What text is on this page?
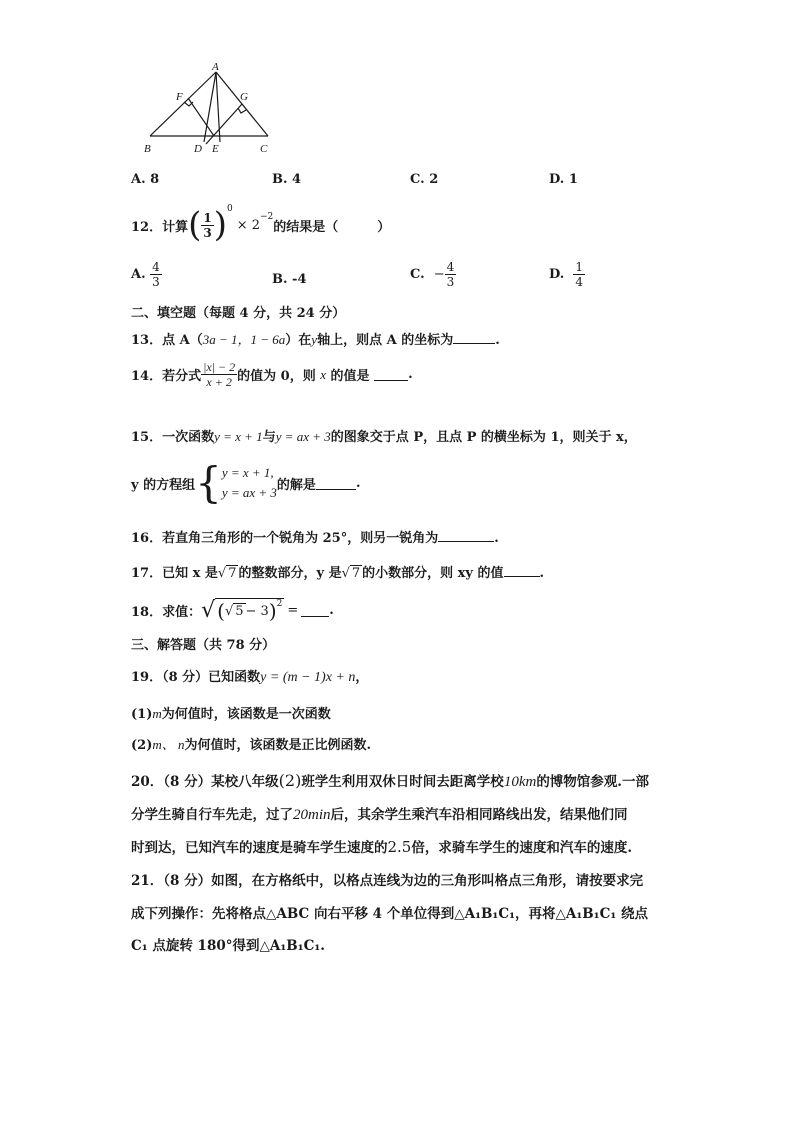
A
F	G
B	D E	C
A. 8	B. 4	C. 2	D. 1
12．计算 ( $\frac{1}{3} )^0$
× 2
$^{-2}$
的结果是（　　　）
A.
$\frac{4}{3}$	B. -4	C.
− $\frac{4}{3}$	D.
$\frac{1}{4}$
二、填空题（每题 4 分，共 24 分）
13．点 A（3a − 1，1 − 6a）在y轴上，则点 A 的坐标为	.
14．若分式 $\frac{|x| - 2}{x + 2}$ 的值为 0，则
x
的值是
	.
15．一次函数y = x + 1与y = ax + 3的图象交于点 P，且点 P 的横坐标为 1，则关于 x，
y 的方程组 { y = x + 1,
y = ax + 3 的解是	.
16．若直角三角形的一个锐角为 25°，则另一锐角为	.
17．已知 x 是√ 7 的整数部分，y 是√ 7 的小数部分，则 xy 的值	.
18．求值： √ ( √ 5 − 3 )$^2$ = .
三、解答题（共 78 分）
19．（8 分）已知函数y = (m − 1)x + n，
(1)m为何值时，该函数是一次函数
(2)m、 n为何值时，该函数是正比例函数.
20．（8 分）某校八年级(2)班学生利用双休日时间去距离学校10km的博物馆参观.一部
分学生骑自行车先走，过了20min后，其余学生乘汽车沿相同路线出发，结果他们同
时到达，已知汽车的速度是骑车学生速度的2.5倍，求骑车学生的速度和汽车的速度.
21．（8 分）如图，在方格纸中，以格点连线为边的三角形叫格点三角形，请按要求完
成下列操作：先将格点△ABC 向右平移 4 个单位得到△A₁B₁C₁，再将△A₁B₁C₁ 绕点
C₁ 点旋转 180°得到△A₁B₁C₁.
